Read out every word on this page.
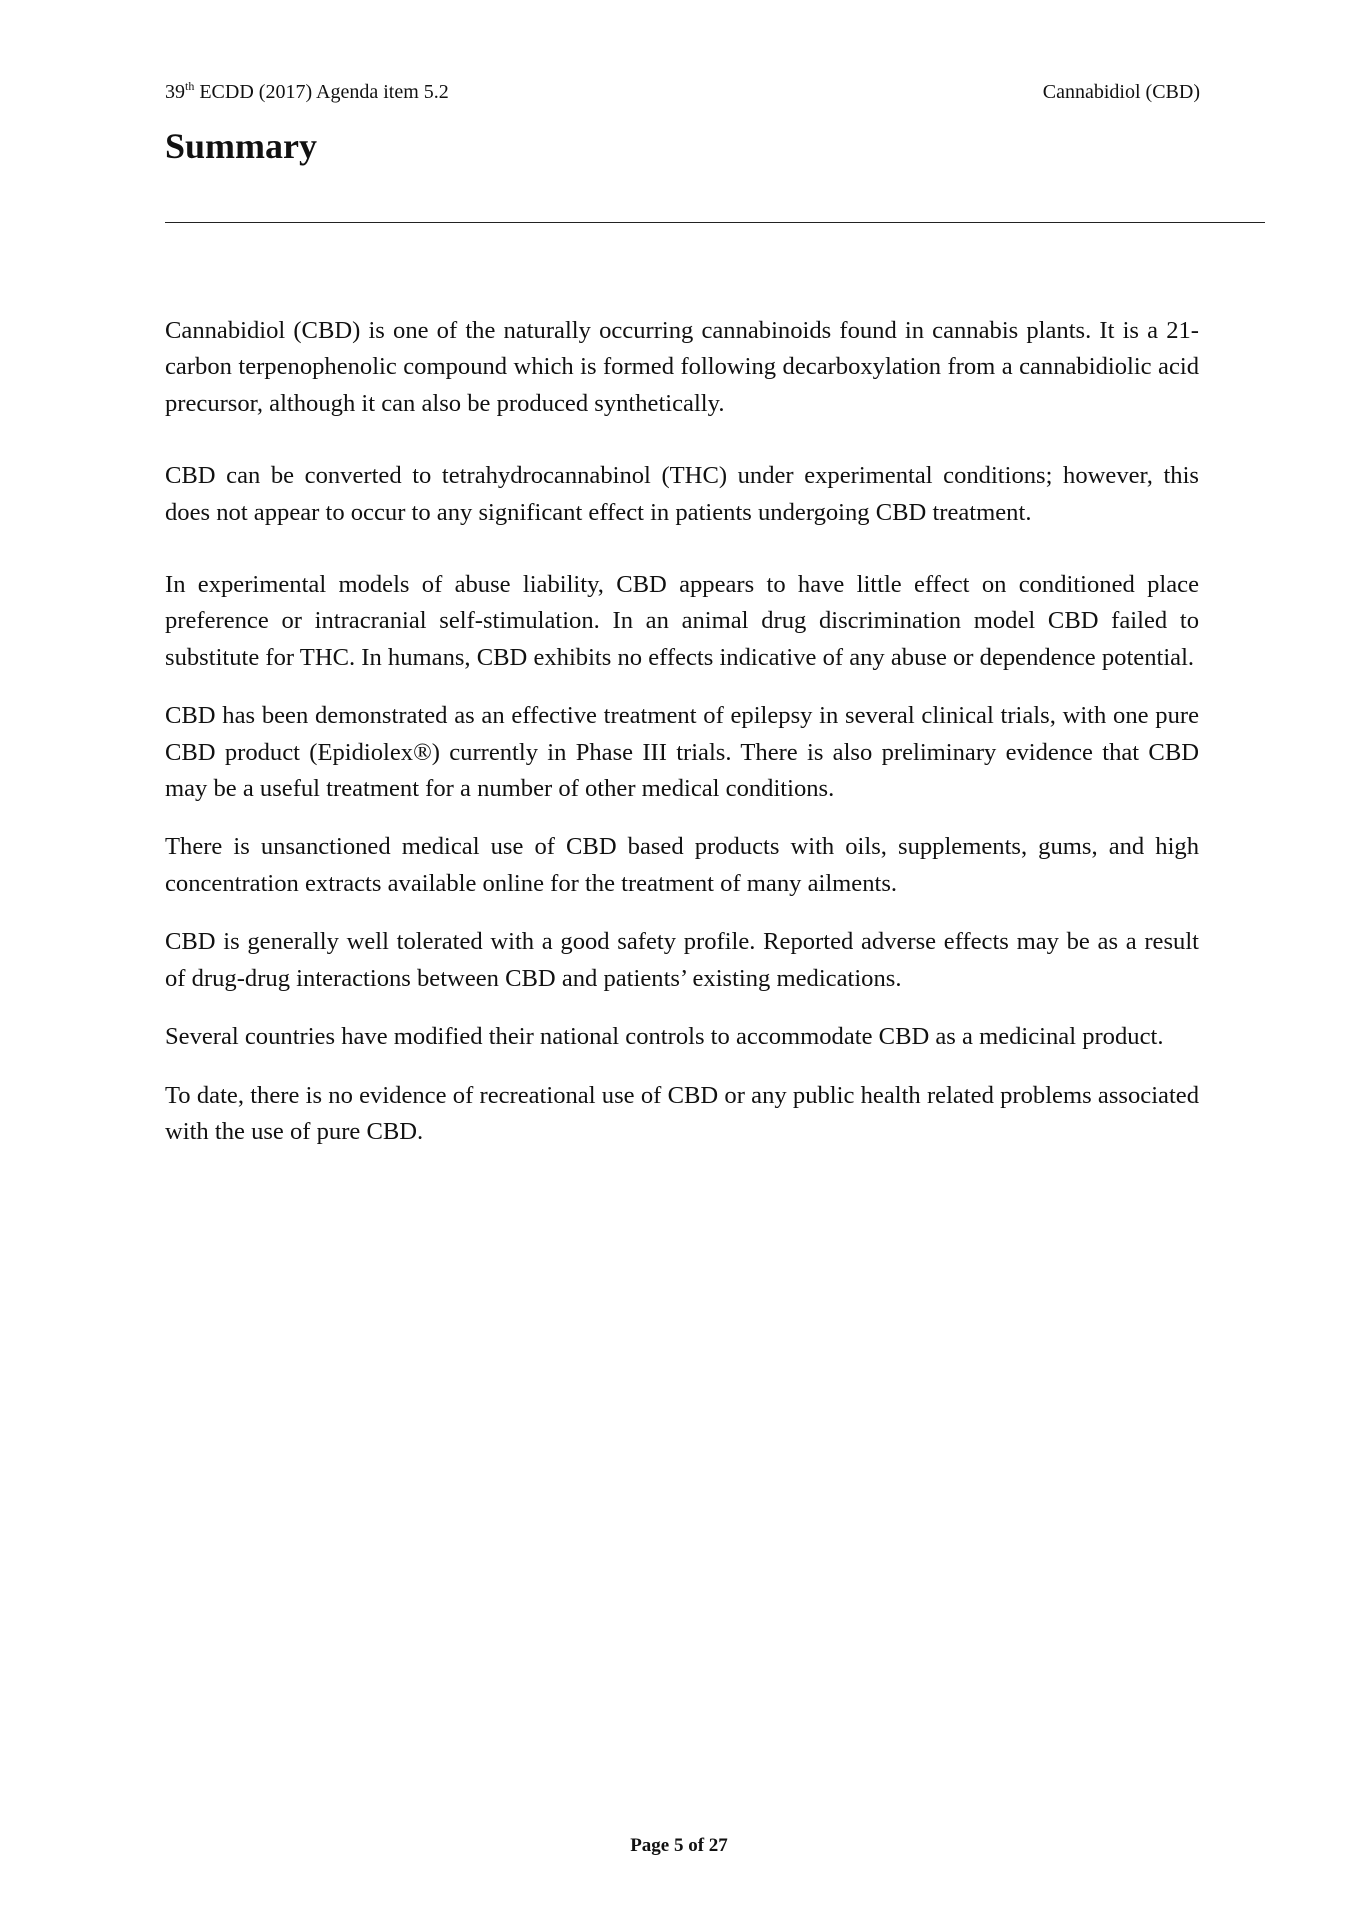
39th ECDD (2017) Agenda item 5.2	Cannabidiol (CBD)
Summary

Cannabidiol (CBD) is one of the naturally occurring cannabinoids found in cannabis plants. It is a 21-carbon terpenophenolic compound which is formed following decarboxylation from a cannabidiolic acid precursor, although it can also be produced synthetically.

CBD can be converted to tetrahydrocannabinol (THC) under experimental conditions; however, this does not appear to occur to any significant effect in patients undergoing CBD treatment.

In experimental models of abuse liability, CBD appears to have little effect on conditioned place preference or intracranial self-stimulation. In an animal drug discrimination model CBD failed to substitute for THC. In humans, CBD exhibits no effects indicative of any abuse or dependence potential.

CBD has been demonstrated as an effective treatment of epilepsy in several clinical trials, with one pure CBD product (Epidiolex®) currently in Phase III trials. There is also preliminary evidence that CBD may be a useful treatment for a number of other medical conditions.

There is unsanctioned medical use of CBD based products with oils, supplements, gums, and high concentration extracts available online for the treatment of many ailments.

CBD is generally well tolerated with a good safety profile. Reported adverse effects may be as a result of drug-drug interactions between CBD and patients’ existing medications.

Several countries have modified their national controls to accommodate CBD as a medicinal product.

To date, there is no evidence of recreational use of CBD or any public health related problems associated with the use of pure CBD.

Page 5 of 27
